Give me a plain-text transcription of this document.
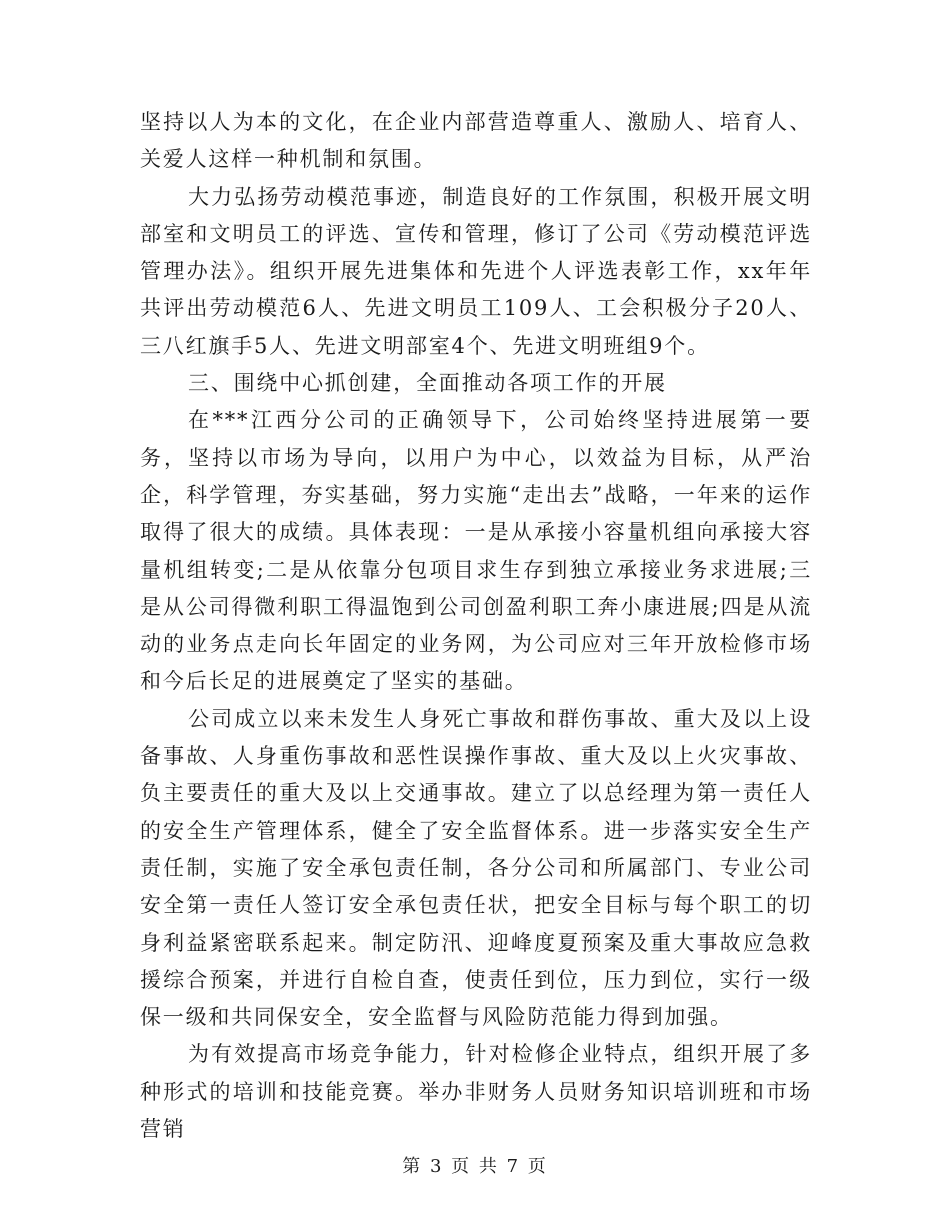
坚持以人为本的文化，在企业内部营造尊重人、激励人、培育人、关爱人这样一种机制和氛围。

大力弘扬劳动模范事迹，制造良好的工作氛围，积极开展文明部室和文明员工的评选、宣传和管理，修订了公司《劳动模范评选管理办法》。组织开展先进集体和先进个人评选表彰工作，xx年年共评出劳动模范6人、先进文明员工109人、工会积极分子20人、三八红旗手5人、先进文明部室4个、先进文明班组9个。

三、围绕中心抓创建，全面推动各项工作的开展

在***江西分公司的正确领导下，公司始终坚持进展第一要务，坚持以市场为导向，以用户为中心，以效益为目标，从严治企，科学管理，夯实基础，努力实施“走出去”战略，一年来的运作取得了很大的成绩。具体表现：一是从承接小容量机组向承接大容量机组转变;二是从依靠分包项目求生存到独立承接业务求进展;三是从公司得微利职工得温饱到公司创盈利职工奔小康进展;四是从流动的业务点走向长年固定的业务网，为公司应对三年开放检修市场和今后长足的进展奠定了坚实的基础。

公司成立以来未发生人身死亡事故和群伤事故、重大及以上设备事故、人身重伤事故和恶性误操作事故、重大及以上火灾事故、负主要责任的重大及以上交通事故。建立了以总经理为第一责任人的安全生产管理体系，健全了安全监督体系。进一步落实安全生产责任制，实施了安全承包责任制，各分公司和所属部门、专业公司安全第一责任人签订安全承包责任状，把安全目标与每个职工的切身利益紧密联系起来。制定防汛、迎峰度夏预案及重大事故应急救援综合预案，并进行自检自查，使责任到位，压力到位，实行一级保一级和共同保安全，安全监督与风险防范能力得到加强。

为有效提高市场竞争能力，针对检修企业特点，组织开展了多种形式的培训和技能竞赛。举办非财务人员财务知识培训班和市场营销

第 3 页 共 7 页
